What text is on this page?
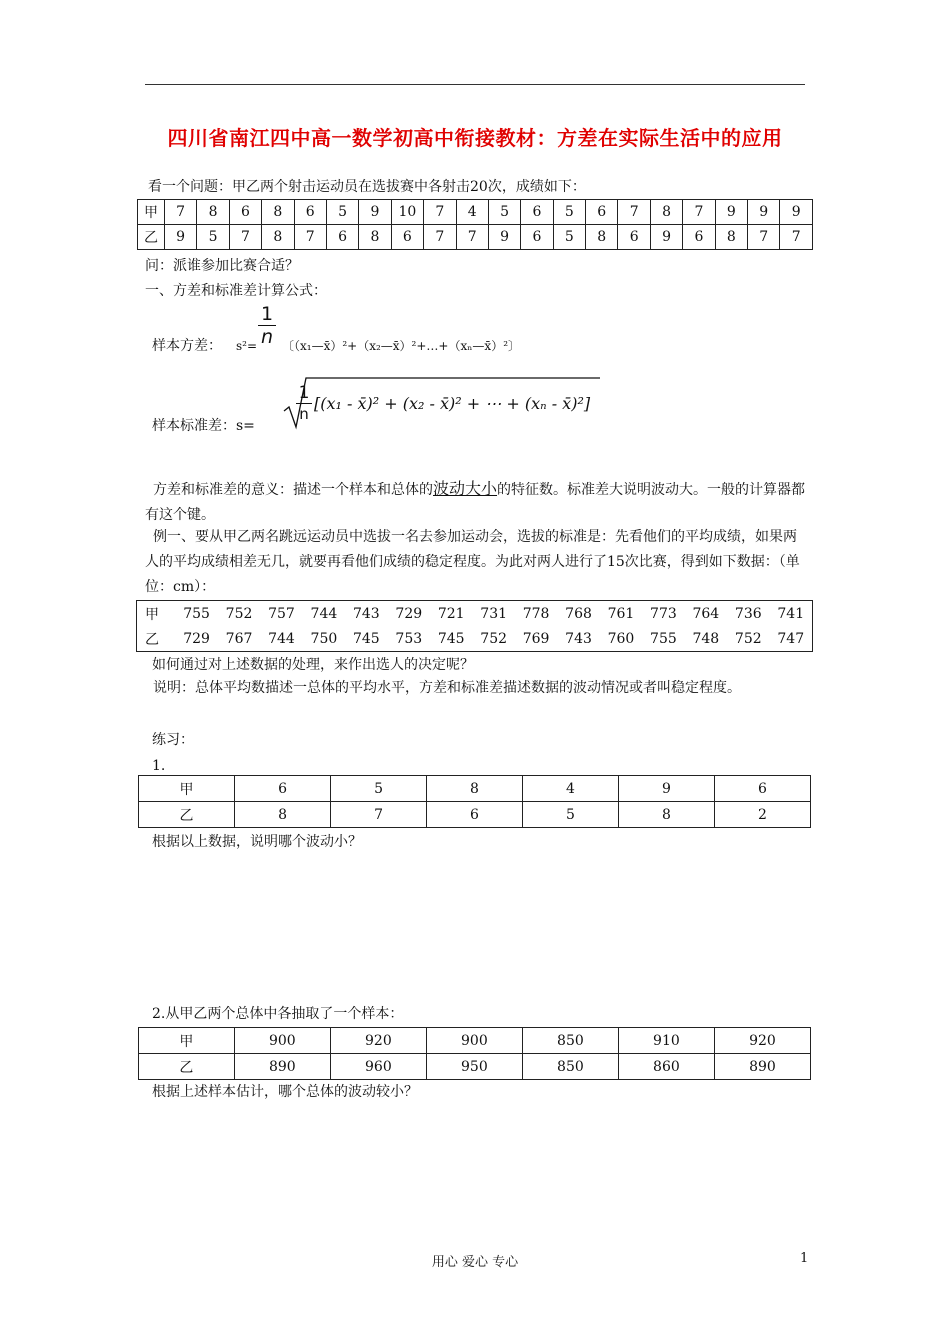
四川省南江四中高一数学初高中衔接教材：方差在实际生活中的应用
看一个问题：甲乙两个射击运动员在选拔赛中各射击20次，成绩如下：
甲	7	8	6	8	6	5	9	10	7	4	5	6	5	6	7	8	7	9	9	9
乙	9	5	7	8	7	6	8	6	7	7	9	6	5	8	6	9	6	8	7	7
问：派谁参加比赛合适？
一、方差和标准差计算公式：
样本方差： $s^2= \frac{1}{n}$ 〔（x₁—x̄）²+（x₂—x̄）²+…+（xₙ—x̄）²〕
样本标准差：s=
$\frac{1}{n} [(x_1$ - x̄)² + (x₂ - x̄)² + ⋯ + (xₙ - x̄)²]
方差和标准差的意义：描述一个样本和总体的波动大小的特征数。标准差大说明波动大。一般的计算器都有这个键。
例一、要从甲乙两名跳远运动员中选拔一名去参加运动会，选拔的标准是：先看他们的平均成绩，如果两人的平均成绩相差无几，就要再看他们成绩的稳定程度。为此对两人进行了15次比赛，得到如下数据：（单位：cm）：
甲	755	752	757	744	743	729	721	731	778	768	761	773	764	736	741
乙	729	767	744	750	745	753	745	752	769	743	760	755	748	752	747
如何通过对上述数据的处理，来作出选人的决定呢？
说明：总体平均数描述一总体的平均水平，方差和标准差描述数据的波动情况或者叫稳定程度。
练习：
1.
甲	6	5	8	4	9	6
乙	8	7	6	5	8	2
根据以上数据，说明哪个波动小？
2.从甲乙两个总体中各抽取了一个样本：
甲	900	920	900	850	910	920
乙	890	960	950	850	860	890
根据上述样本估计，哪个总体的波动较小？
用心 爱心 专心	1
